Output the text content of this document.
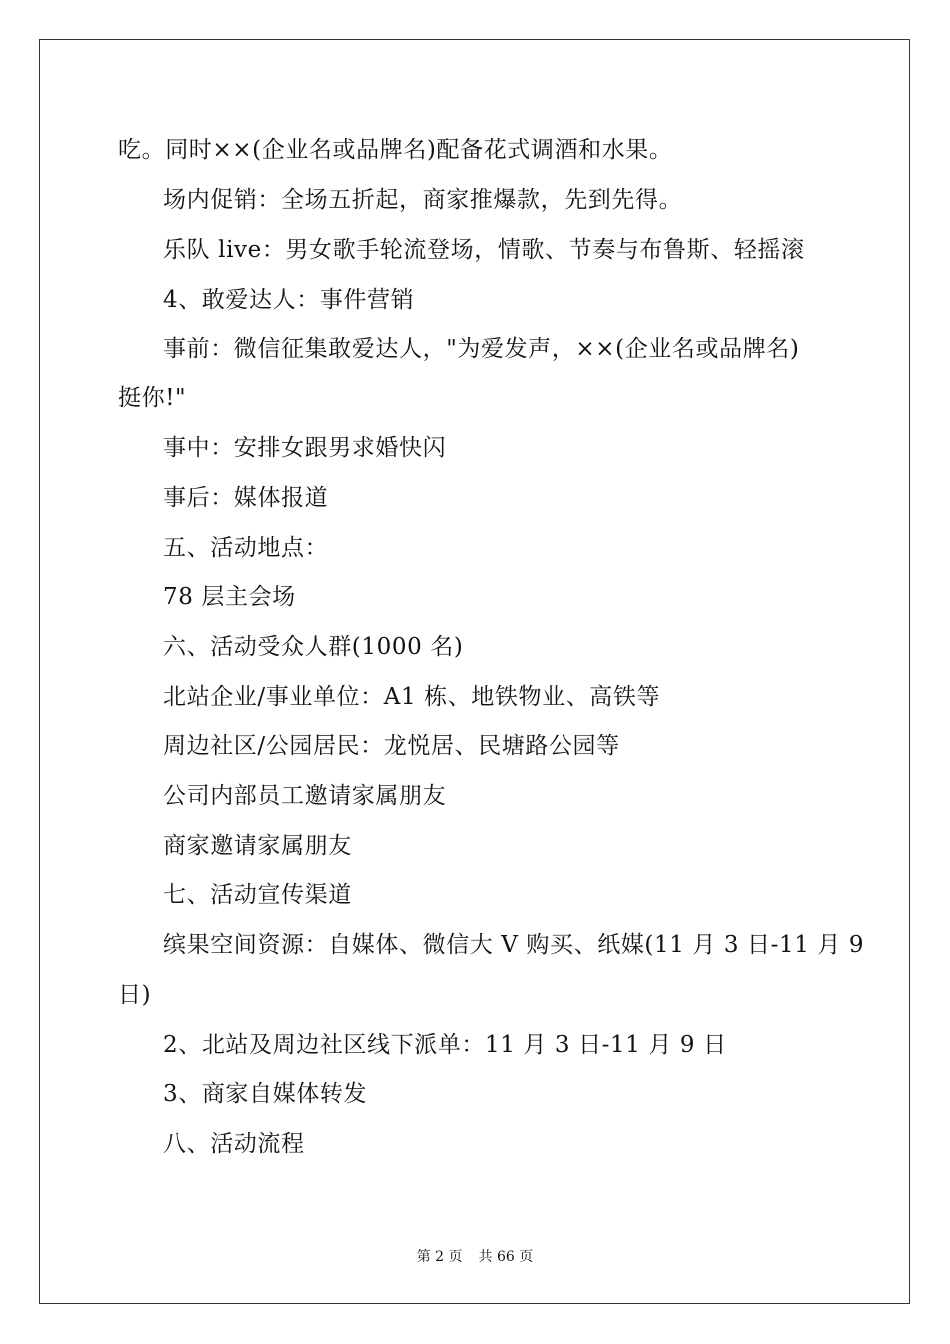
吃。同时××(企业名或品牌名)配备花式调酒和水果。
场内促销：全场五折起，商家推爆款，先到先得。
乐队 live：男女歌手轮流登场，情歌、节奏与布鲁斯、轻摇滚
4、敢爱达人：事件营销
事前：微信征集敢爱达人，"为爱发声，××(企业名或品牌名)
挺你!"
事中：安排女跟男求婚快闪
事后：媒体报道
五、活动地点：
78 层主会场
六、活动受众人群(1000 名)
北站企业/事业单位：A1 栋、地铁物业、高铁等
周边社区/公园居民：龙悦居、民塘路公园等
公司内部员工邀请家属朋友
商家邀请家属朋友
七、活动宣传渠道
缤果空间资源：自媒体、微信大 V 购买、纸媒(11 月 3 日-11 月 9
日)
2、北站及周边社区线下派单：11 月 3 日-11 月 9 日
3、商家自媒体转发
八、活动流程
第 2 页 共 66 页
